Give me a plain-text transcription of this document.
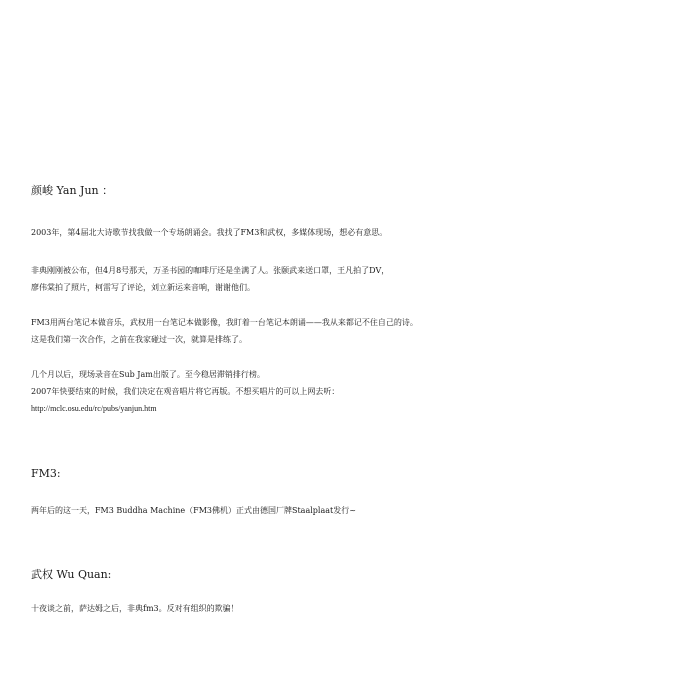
颜峻 Yan Jun ：

2003年，第4届北大诗歌节找我做一个专场朗诵会。我找了FM3和武权，多媒体现场，想必有意思。

非典刚刚被公布，但4月8号那天，万圣书园的咖啡厅还是坐满了人。张颐武来送口罩，王凡拍了DV，

廖伟棠拍了照片，柯雷写了评论，刘立新运来音响，谢谢他们。

FM3用两台笔记本做音乐，武权用一台笔记本做影像，我盯着一台笔记本朗诵——我从来都记不住自己的诗。

这是我们第一次合作，之前在我家碰过一次，就算是排练了。

几个月以后，现场录音在Sub Jam出版了。至今稳居滞销排行榜。

2007年快要结束的时候，我们决定在观音唱片将它再版。不想买唱片的可以上网去听：

http://mclc.osu.edu/rc/pubs/yanjun.htm

FM3:

两年后的这一天，FM3 Buddha Machine（FM3佛机）正式由德国厂牌Staalplaat发行~

武权 Wu Quan:

十夜谈之前，萨达姆之后，非典fm3。反对有组织的欺骗！
